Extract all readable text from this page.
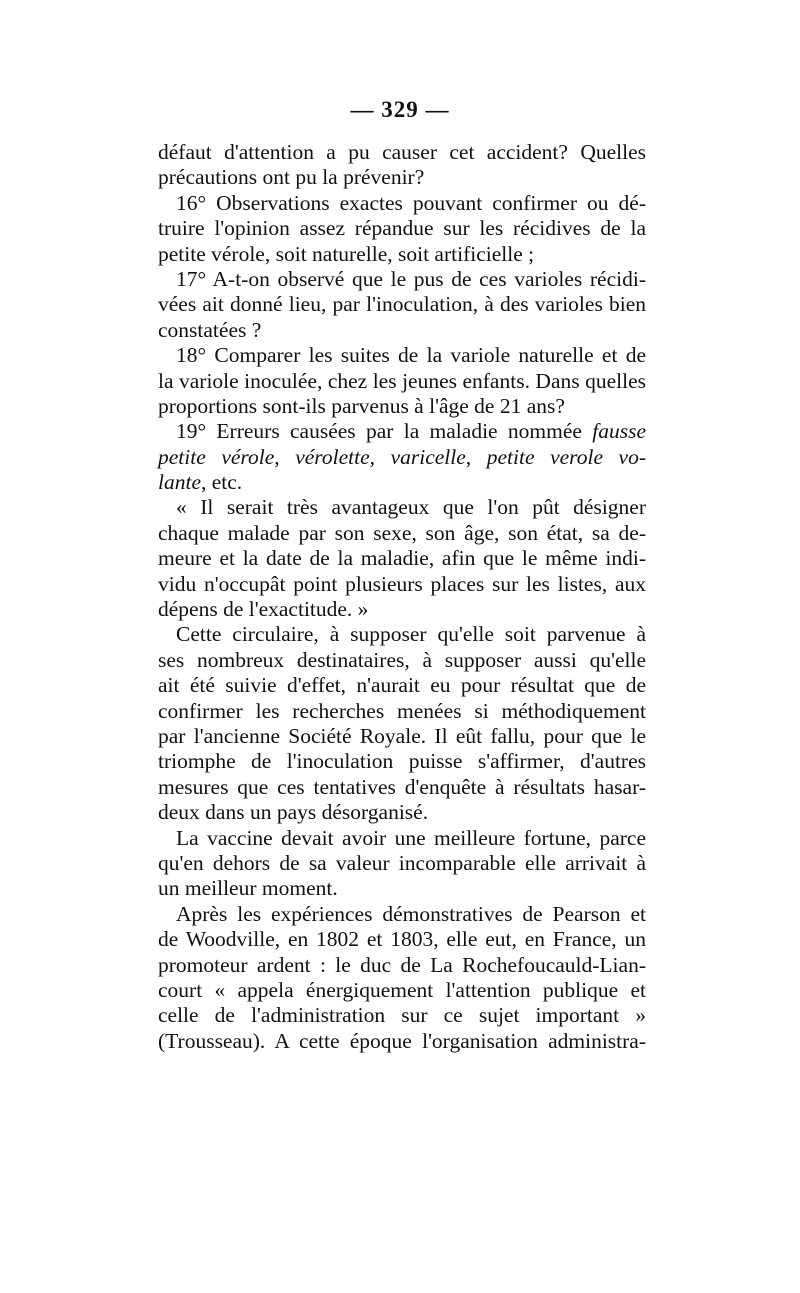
— 329 —
défaut d'attention a pu causer cet accident? Quelles
précautions ont pu la prévenir?
16° Observations exactes pouvant confirmer ou dé-
truire l'opinion assez répandue sur les récidives de la
petite vérole, soit naturelle, soit artificielle ;
17° A-t-on observé que le pus de ces varioles récidi-
vées ait donné lieu, par l'inoculation, à des varioles bien
constatées ?
18° Comparer les suites de la variole naturelle et de
la variole inoculée, chez les jeunes enfants. Dans quelles
proportions sont-ils parvenus à l'âge de 21 ans?
19° Erreurs causées par la maladie nommée fausse
petite vérole, vérolette, varicelle, petite verole vo-
lante, etc.
« Il serait très avantageux que l'on pût désigner
chaque malade par son sexe, son âge, son état, sa de-
meure et la date de la maladie, afin que le même indi-
vidu n'occupât point plusieurs places sur les listes, aux
dépens de l'exactitude. »
Cette circulaire, à supposer qu'elle soit parvenue à
ses nombreux destinataires, à supposer aussi qu'elle
ait été suivie d'effet, n'aurait eu pour résultat que de
confirmer les recherches menées si méthodiquement
par l'ancienne Société Royale. Il eût fallu, pour que le
triomphe de l'inoculation puisse s'affirmer, d'autres
mesures que ces tentatives d'enquête à résultats hasar-
deux dans un pays désorganisé.
La vaccine devait avoir une meilleure fortune, parce
qu'en dehors de sa valeur incomparable elle arrivait à
un meilleur moment.
Après les expériences démonstratives de Pearson et
de Woodville, en 1802 et 1803, elle eut, en France, un
promoteur ardent : le duc de La Rochefoucauld-Lian-
court « appela énergiquement l'attention publique et
celle de l'administration sur ce sujet important »
(Trousseau). A cette époque l'organisation administra-
